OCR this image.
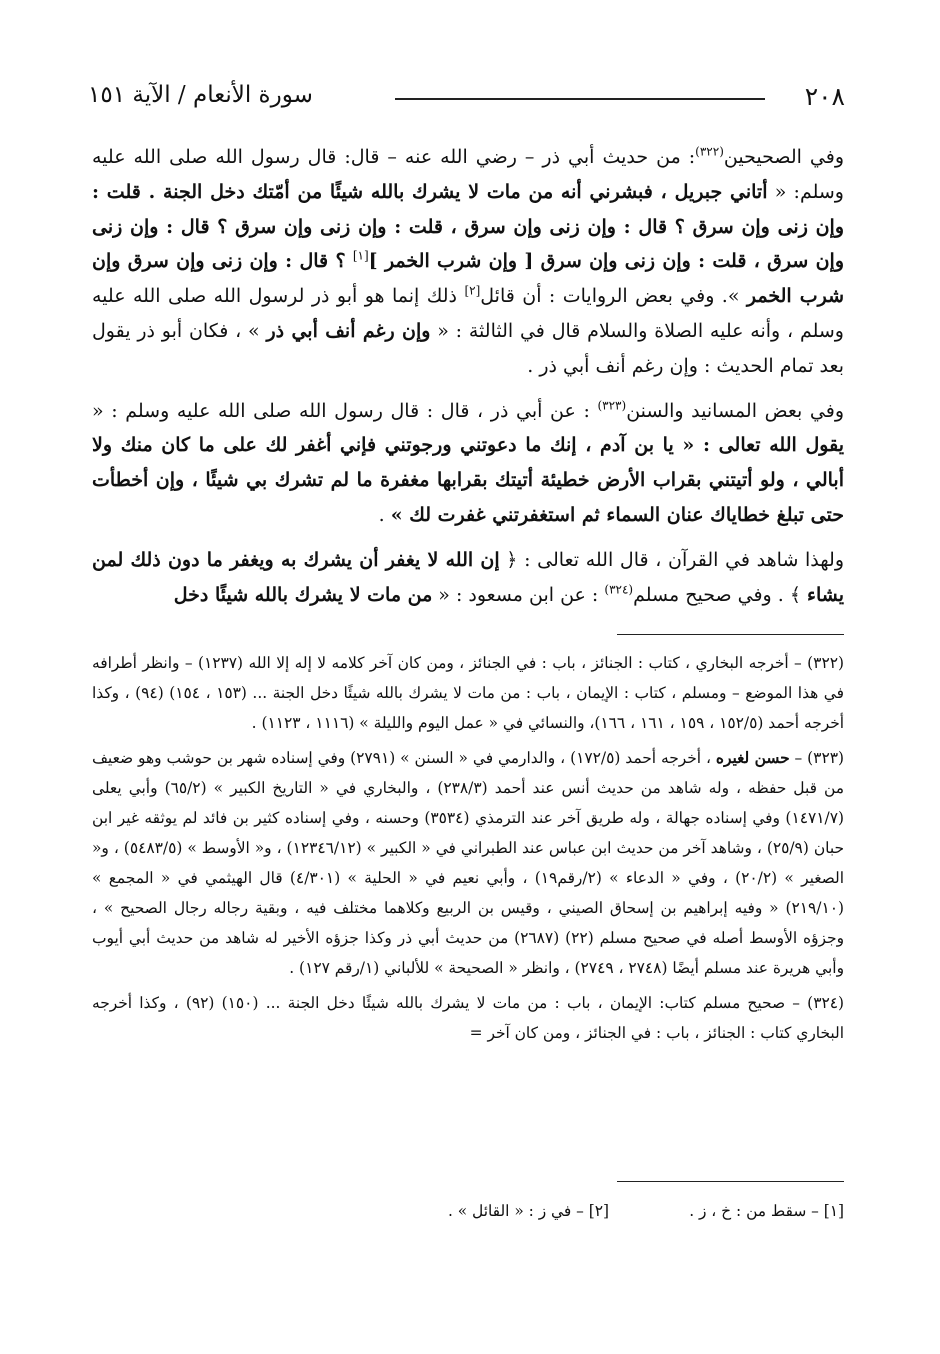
٢٠٨
سورة الأنعام / الآية ١٥١

وفي الصحيحين$^{(٣٢٢)}$: من حديث أبي ذر – رضي الله عنه – قال: قال رسول الله صلى الله عليه وسلم: « أتاني جبريل ، فبشرني أنه من مات لا يشرك بالله شيئًا من أمّتك دخل الجنة . قلت : وإن زنى وإن سرق ؟ قال : وإن زنى وإن سرق ، قلت : وإن زنى وإن سرق ؟ قال : وإن زنى وإن سرق ، قلت : وإن زنى وإن سرق [ وإن شرب الخمر ][١] ؟ قال : وإن زنى وإن سرق وإن شرب الخمر ». وفي بعض الروايات : أن قائل[٢] ذلك إنما هو أبو ذر لرسول الله صلى الله عليه وسلم ، وأنه عليه الصلاة والسلام قال في الثالثة : « وإن رغم أنف أبي ذر » ، فكان أبو ذر يقول بعد تمام الحديث : وإن رغم أنف أبي ذر .

وفي بعض المسانيد والسنن$^{(٣٢٣)}$ : عن أبي ذر ، قال : قال رسول الله صلى الله عليه وسلم : « يقول الله تعالى : « يا بن آدم ، إنك ما دعوتني ورجوتني فإني أغفر لك على ما كان منك ولا أبالي ، ولو أتيتني بقراب الأرض خطيئة أتيتك بقرابها مغفرة ما لم تشرك بي شيئًا ، وإن أخطأت حتى تبلغ خطاياك عنان السماء ثم استغفرتني غفرت لك » .

ولهذا شاهد في القرآن ، قال الله تعالى : ﴿ إن الله لا يغفر أن يشرك به ويغفر ما دون ذلك لمن يشاء ﴾ . وفي صحيح مسلم$^{(٣٢٤)}$ : عن ابن مسعود : « من مات لا يشرك بالله شيئًا دخل

(٣٢٢) – أخرجه البخاري ، كتاب : الجنائز ، باب : في الجنائز ، ومن كان آخر كلامه لا إله إلا الله (١٢٣٧) – وانظر أطرافه في هذا الموضع – ومسلم ، كتاب : الإيمان ، باب : من مات لا يشرك بالله شيئًا دخل الجنة ... (١٥٣ ، ١٥٤) (٩٤) ، وكذا أخرجه أحمد (١٥٢/٥ ، ١٥٩ ، ١٦١ ، ١٦٦)، والنسائي في « عمل اليوم والليلة » (١١١٦ ، ١١٢٣) .

(٣٢٣) – حسن لغيره ، أخرجه أحمد (١٧٢/٥) ، والدارمي في « السنن » (٢٧٩١) وفي إسناده شهر بن حوشب وهو ضعيف من قبل حفظه ، وله شاهد من حديث أنس عند أحمد (٢٣٨/٣) ، والبخاري في « التاريخ الكبير » (٦٥/٢) وأبي يعلى (١٤٧١/٧) وفي إسناده جهالة ، وله طريق آخر عند الترمذي (٣٥٣٤) وحسنه ، وفي إسناده كثير بن فائد لم يوثقه غير ابن حبان (٢٥/٩) ، وشاهد آخر من حديث ابن عباس عند الطبراني في « الكبير » (١٢٣٤٦/١٢) ، و« الأوسط » (٥٤٨٣/٥) ، و« الصغير » (٢٠/٢) ، وفي « الدعاء » (٢/رقم١٩) ، وأبي نعيم في « الحلية » (٤/٣٠١) قال الهيثمي في « المجمع » (٢١٩/١٠) « وفيه إبراهيم بن إسحاق الصيني ، وقيس بن الربيع وكلاهما مختلف فيه ، وبقية رجاله رجال الصحيح » ، وجزؤه الأوسط أصله في صحيح مسلم (٢٢) (٢٦٨٧) من حديث أبي ذر وكذا جزؤه الأخير له شاهد من حديث أبي أيوب وأبي هريرة عند مسلم أيضًا (٢٧٤٨ ، ٢٧٤٩) ، وانظر « الصحيحة » للألباني (١/رقم ١٢٧) .

(٣٢٤) – صحيح مسلم كتاب: الإيمان ، باب : من مات لا يشرك بالله شيئًا دخل الجنة ... (١٥٠) (٩٢) ، وكذا أخرجه البخاري كتاب : الجنائز ، باب : في الجنائز ، ومن كان آخر =

[١] – سقط من : خ ، ز .
[٢] – في ز : « القائل » .
